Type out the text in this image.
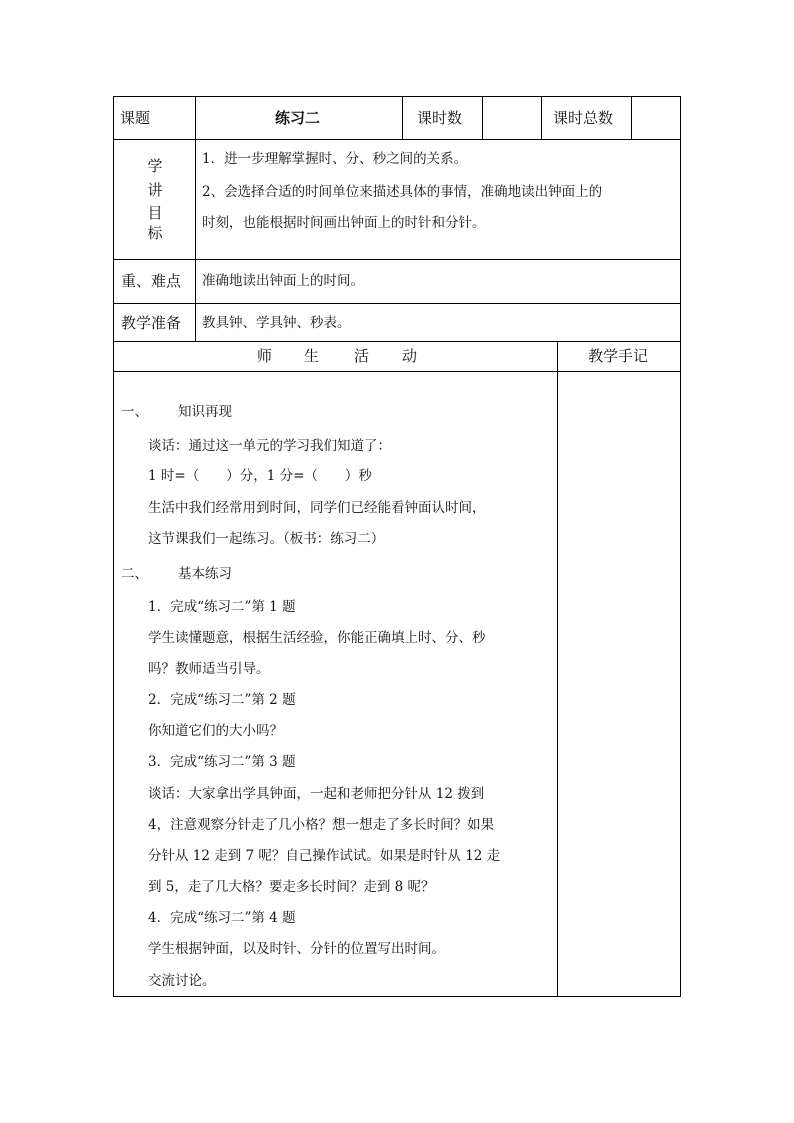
课题	练习二	课时数	课时总数
学
讲
目
标
1．进一步理解掌握时、分、秒之间的关系。
2、会选择合适的时间单位来描述具体的事情，准确地读出钟面上的
时刻，也能根据时间画出钟面上的时针和分针。
重、难点 准确地读出钟面上的时间。
教学准备 教具钟、学具钟、秒表。
师 生 活 动	教学手记
一、 知识再现
谈话：通过这一单元的学习我们知道了：
1 时=（　　）分，1 分=（　　）秒
生活中我们经常用到时间，同学们已经能看钟面认时间，
这节课我们一起练习。（板书：练习二）
二、 基本练习
1．完成“练习二”第 1 题
学生读懂题意，根据生活经验，你能正确填上时、分、秒
吗？教师适当引导。
2．完成“练习二”第 2 题
你知道它们的大小吗？
3．完成“练习二”第 3 题
谈话：大家拿出学具钟面，一起和老师把分针从 12 拨到
4，注意观察分针走了几小格？想一想走了多长时间？如果
分针从 12 走到 7 呢？自己操作试试。如果是时针从 12 走
到 5，走了几大格？要走多长时间？走到 8 呢？
4．完成“练习二”第 4 题
学生根据钟面，以及时针、分针的位置写出时间。
交流讨论。
